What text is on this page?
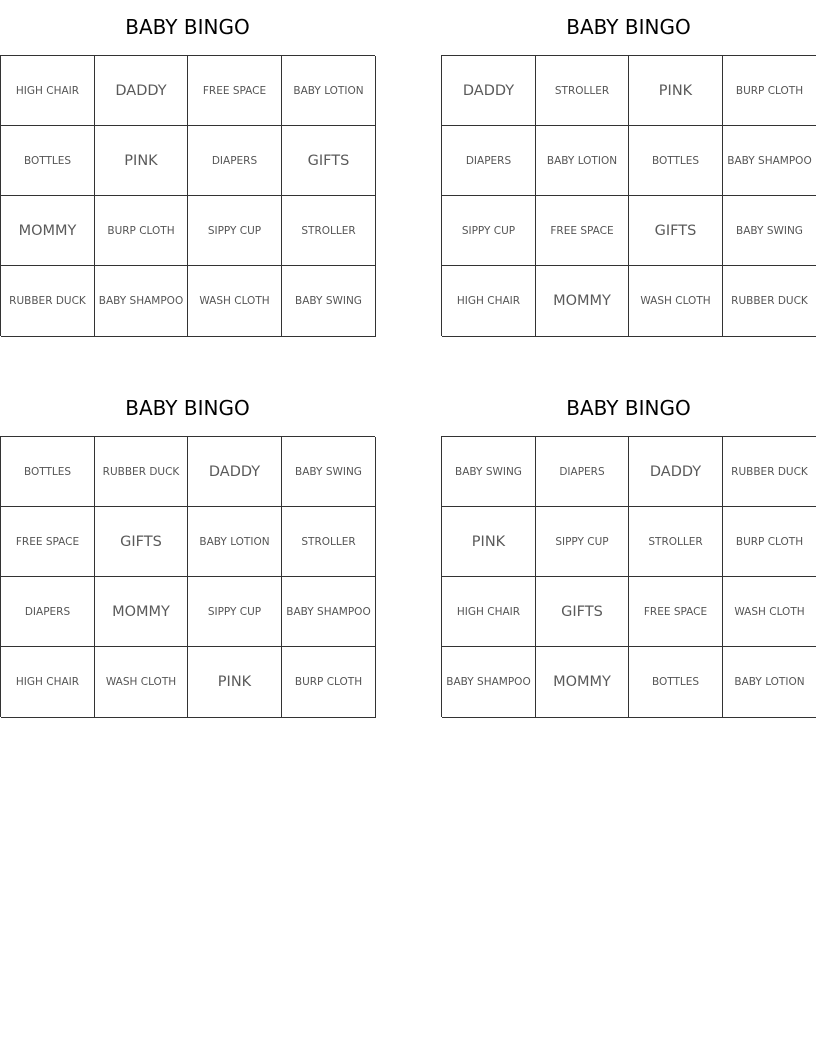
BABY BINGO
HIGH CHAIR	DADDY	FREE SPACE	BABY LOTION
BOTTLES	PINK	DIAPERS	GIFTS
MOMMY	BURP CLOTH	SIPPY CUP	STROLLER
RUBBER DUCK	BABY SHAMPOO	WASH CLOTH	BABY SWING
BABY BINGO
DADDY	STROLLER	PINK	BURP CLOTH
DIAPERS	BABY LOTION	BOTTLES	BABY SHAMPOO
SIPPY CUP	FREE SPACE	GIFTS	BABY SWING
HIGH CHAIR	MOMMY	WASH CLOTH	RUBBER DUCK
BABY BINGO
BOTTLES	RUBBER DUCK	DADDY	BABY SWING
FREE SPACE	GIFTS	BABY LOTION	STROLLER
DIAPERS	MOMMY	SIPPY CUP	BABY SHAMPOO
HIGH CHAIR	WASH CLOTH	PINK	BURP CLOTH
BABY BINGO
BABY SWING	DIAPERS	DADDY	RUBBER DUCK
PINK	SIPPY CUP	STROLLER	BURP CLOTH
HIGH CHAIR	GIFTS	FREE SPACE	WASH CLOTH
BABY SHAMPOO	MOMMY	BOTTLES	BABY LOTION
